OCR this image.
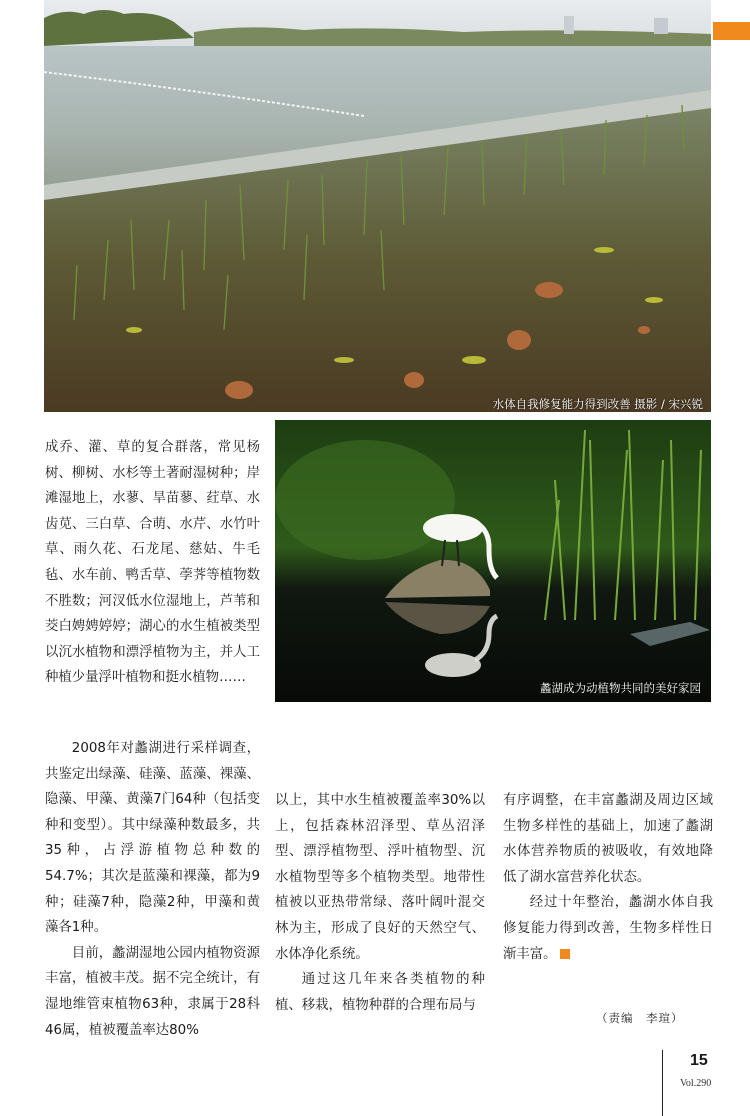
水体自我修复能力得到改善 摄影 / 宋兴锐
蠡湖成为动植物共同的美好家园

成乔、灌、草的复合群落，常见杨树、柳树、水杉等土著耐湿树种；岸滩湿地上，水蓼、旱苗蓼、荭草、水齿苋、三白草、合萌、水芹、水竹叶草、雨久花、石龙尾、慈姑、牛毛毡、水车前、鸭舌草、荸荠等植物数不胜数；河汊低水位湿地上，芦苇和茭白娉娉婷婷；湖心的水生植被类型以沉水植物和漂浮植物为主，并人工种植少量浮叶植物和挺水植物……

2008年对蠡湖进行采样调查，共鉴定出绿藻、硅藻、蓝藻、裸藻、隐藻、甲藻、黄藻7门64种（包括变种和变型）。其中绿藻种数最多，共35种，占浮游植物总种数的54.7%；其次是蓝藻和裸藻，都为9种；硅藻7种，隐藻2种，甲藻和黄藻各1种。

目前，蠡湖湿地公园内植物资源丰富，植被丰茂。据不完全统计，有湿地维管束植物63种，隶属于28科46属，植被覆盖率达80%

以上，其中水生植被覆盖率30%以上，包括森林沼泽型、草丛沼泽型、漂浮植物型、浮叶植物型、沉水植物型等多个植物类型。地带性植被以亚热带常绿、落叶阔叶混交林为主，形成了良好的天然空气、水体净化系统。

通过这几年来各类植物的种植、移栽，植物种群的合理布局与

有序调整，在丰富蠡湖及周边区域生物多样性的基础上，加速了蠡湖水体营养物质的被吸收，有效地降低了湖水富营养化状态。

经过十年整治，蠡湖水体自我修复能力得到改善，生物多样性日渐丰富。

（责编　李瑄）
15
Vol.290
